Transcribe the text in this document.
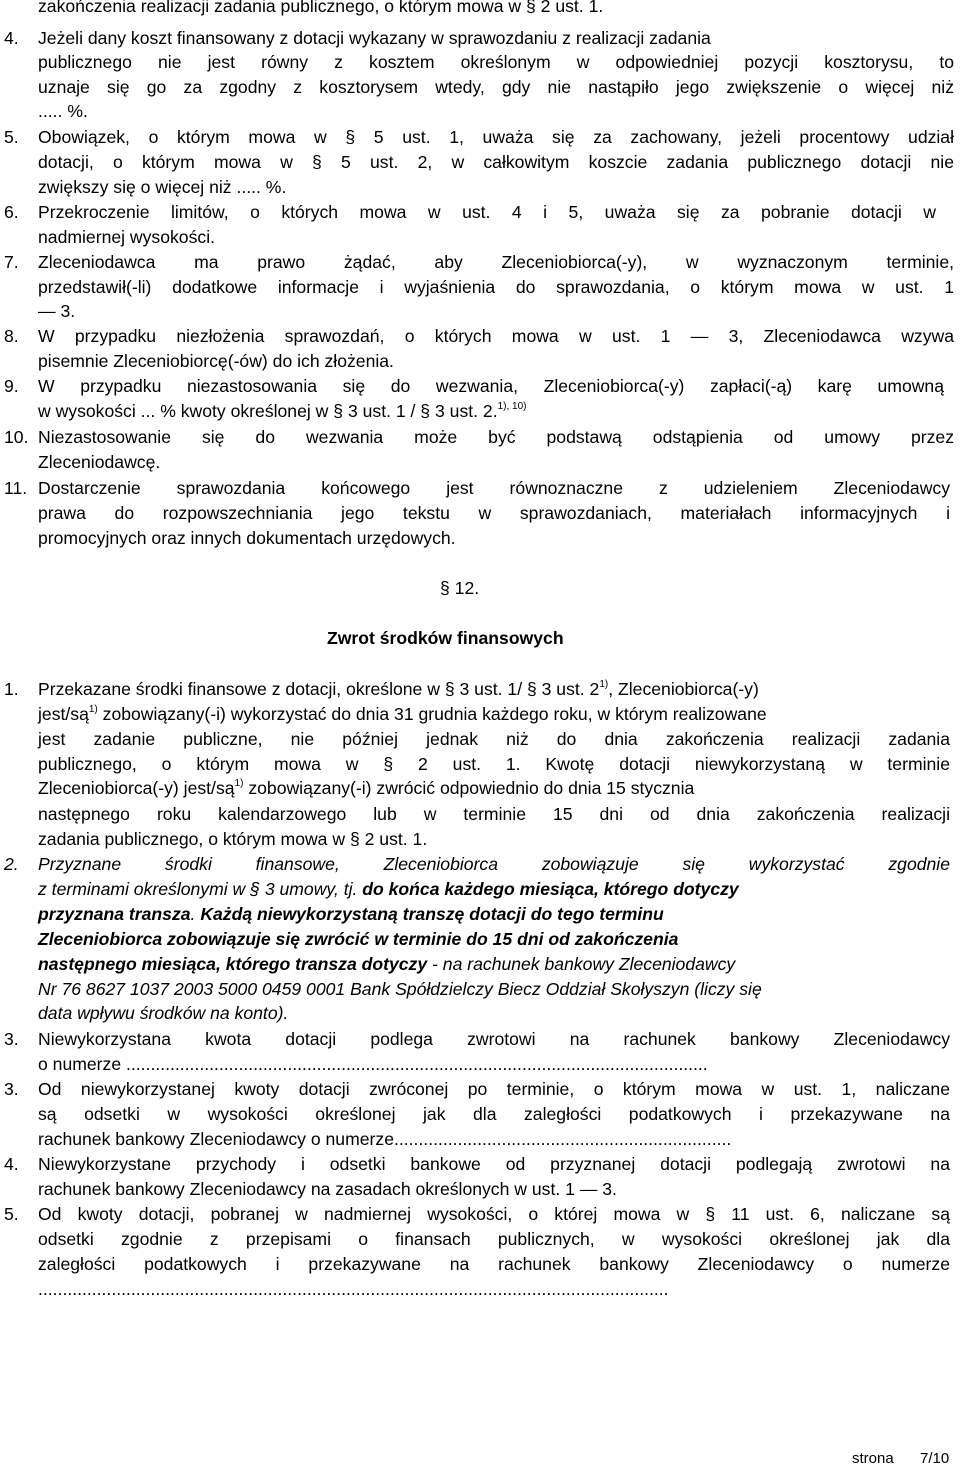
zakończenia realizacji zadania publicznego, o którym mowa w § 2 ust. 1.
4. Jeżeli dany koszt finansowany z dotacji wykazany w sprawozdaniu z realizacji zadania
publicznego nie jest równy z kosztem określonym w odpowiedniej pozycji kosztorysu, to
uznaje się go za zgodny z kosztorysem wtedy, gdy nie nastąpiło jego zwiększenie o więcej niż
..... %.
5. Obowiązek, o którym mowa w § 5 ust. 1, uważa się za zachowany, jeżeli procentowy udział
dotacji, o którym mowa w § 5 ust. 2, w całkowitym koszcie zadania publicznego dotacji nie
zwiększy się o więcej niż ..... %.
6. Przekroczenie limitów, o których mowa w ust. 4 i 5, uważa się za pobranie dotacji w
nadmiernej wysokości.
7. Zleceniodawca ma prawo żądać, aby Zleceniobiorca(-y), w wyznaczonym terminie,
przedstawił(-li) dodatkowe informacje i wyjaśnienia do sprawozdania, o którym mowa w ust. 1
— 3.
8. W przypadku niezłożenia sprawozdań, o których mowa w ust. 1 — 3, Zleceniodawca wzywa
pisemnie Zleceniobiorcę(-ów) do ich złożenia.
9. W przypadku niezastosowania się do wezwania, Zleceniobiorca(-y) zapłaci(-ą) karę umowną
w wysokości ... % kwoty określonej w § 3 ust. 1 / § 3 ust. 2.$^{1), 10)}$
10. Niezastosowanie się do wezwania może być podstawą odstąpienia od umowy przez
Zleceniodawcę.
11. Dostarczenie sprawozdania końcowego jest równoznaczne z udzieleniem Zleceniodawcy
prawa do rozpowszechniania jego tekstu w sprawozdaniach, materiałach informacyjnych i
promocyjnych oraz innych dokumentach urzędowych.
§ 12.
Zwrot środków finansowych
1. Przekazane środki finansowe z dotacji, określone w § 3 ust. 1/ § 3 ust. 2$^{1)}$, Zleceniobiorca(-y)
jest/$są^{1)}$ zobowiązany(-i) wykorzystać do dnia 31 grudnia każdego roku, w którym realizowane
jest zadanie publiczne, nie później jednak niż do dnia zakończenia realizacji zadania
publicznego, o którym mowa w § 2 ust. 1. Kwotę dotacji niewykorzystaną w terminie
Zleceniobiorca(-y) jest/$są^{1)}$ zobowiązany(-i) zwrócić odpowiednio do dnia 15 stycznia
następnego roku kalendarzowego lub w terminie 15 dni od dnia zakończenia realizacji
zadania publicznego, o którym mowa w § 2 ust. 1.
2. Przyznane środki finansowe, Zleceniobiorca zobowiązuje się wykorzystać zgodnie
z terminami określonymi w § 3 umowy, tj. do końca każdego miesiąca, którego dotyczy
przyznana transza. Każdą niewykorzystaną transzę dotacji do tego terminu
Zleceniobiorca zobowiązuje się zwrócić w terminie do 15 dni od zakończenia
następnego miesiąca, którego transza dotyczy - na rachunek bankowy Zleceniodawcy
Nr 76 8627 1037 2003 5000 0459 0001 Bank Spółdzielczy Biecz Oddział Skołyszyn (liczy się
data wpływu środków na konto).
3. Niewykorzystana kwota dotacji podlega zwrotowi na rachunek bankowy Zleceniodawcy
o numerze .......................................................................................................................
3. Od niewykorzystanej kwoty dotacji zwróconej po terminie, o którym mowa w ust. 1, naliczane
są odsetki w wysokości określonej jak dla zaległości podatkowych i przekazywane na
rachunek bankowy Zleceniodawcy o numerze.....................................................................
4. Niewykorzystane przychody i odsetki bankowe od przyznanej dotacji podlegają zwrotowi na
rachunek bankowy Zleceniodawcy na zasadach określonych w ust. 1 — 3.
5. Od kwoty dotacji, pobranej w nadmiernej wysokości, o której mowa w § 11 ust. 6, naliczane są
odsetki zgodnie z przepisami o finansach publicznych, w wysokości określonej jak dla
zaległości podatkowych i przekazywane na rachunek bankowy Zleceniodawcy o numerze
.................................................................................................................................
strona 7/10
